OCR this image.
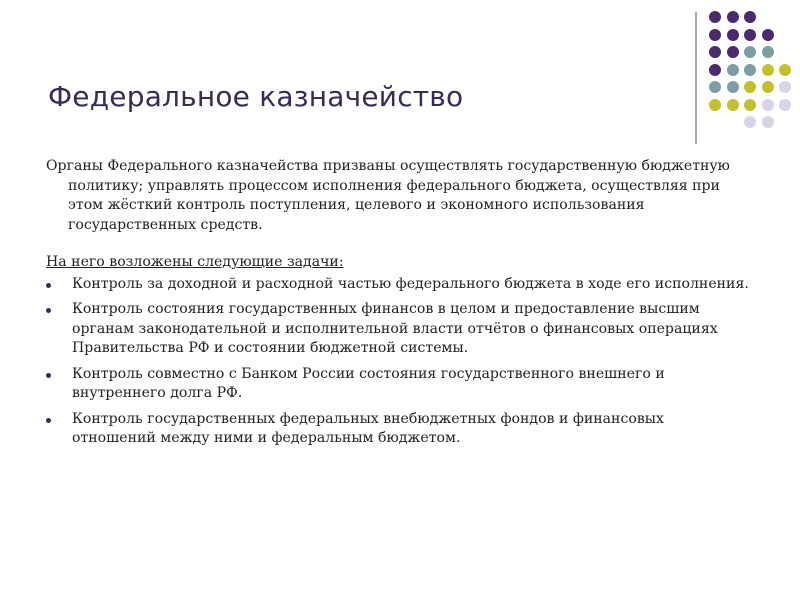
Федеральное казначейство

Органы Федерального казначейства призваны осуществлять государственную бюджетную политику; управлять процессом исполнения федерального бюджета, осуществляя при этом жёсткий контроль поступления, целевого и экономного использования государственных средств.

На него возложены следующие задачи:

Контроль за доходной и расходной частью федерального бюджета в ходе его исполнения.
Контроль состояния государственных финансов в целом и предоставление высшим органам законодательной и исполнительной власти отчётов о финансовых операциях Правительства РФ и состоянии бюджетной системы.
Контроль совместно с Банком России состояния государственного внешнего и внутреннего долга РФ.
Контроль государственных федеральных внебюджетных фондов и финансовых отношений между ними и федеральным бюджетом.
